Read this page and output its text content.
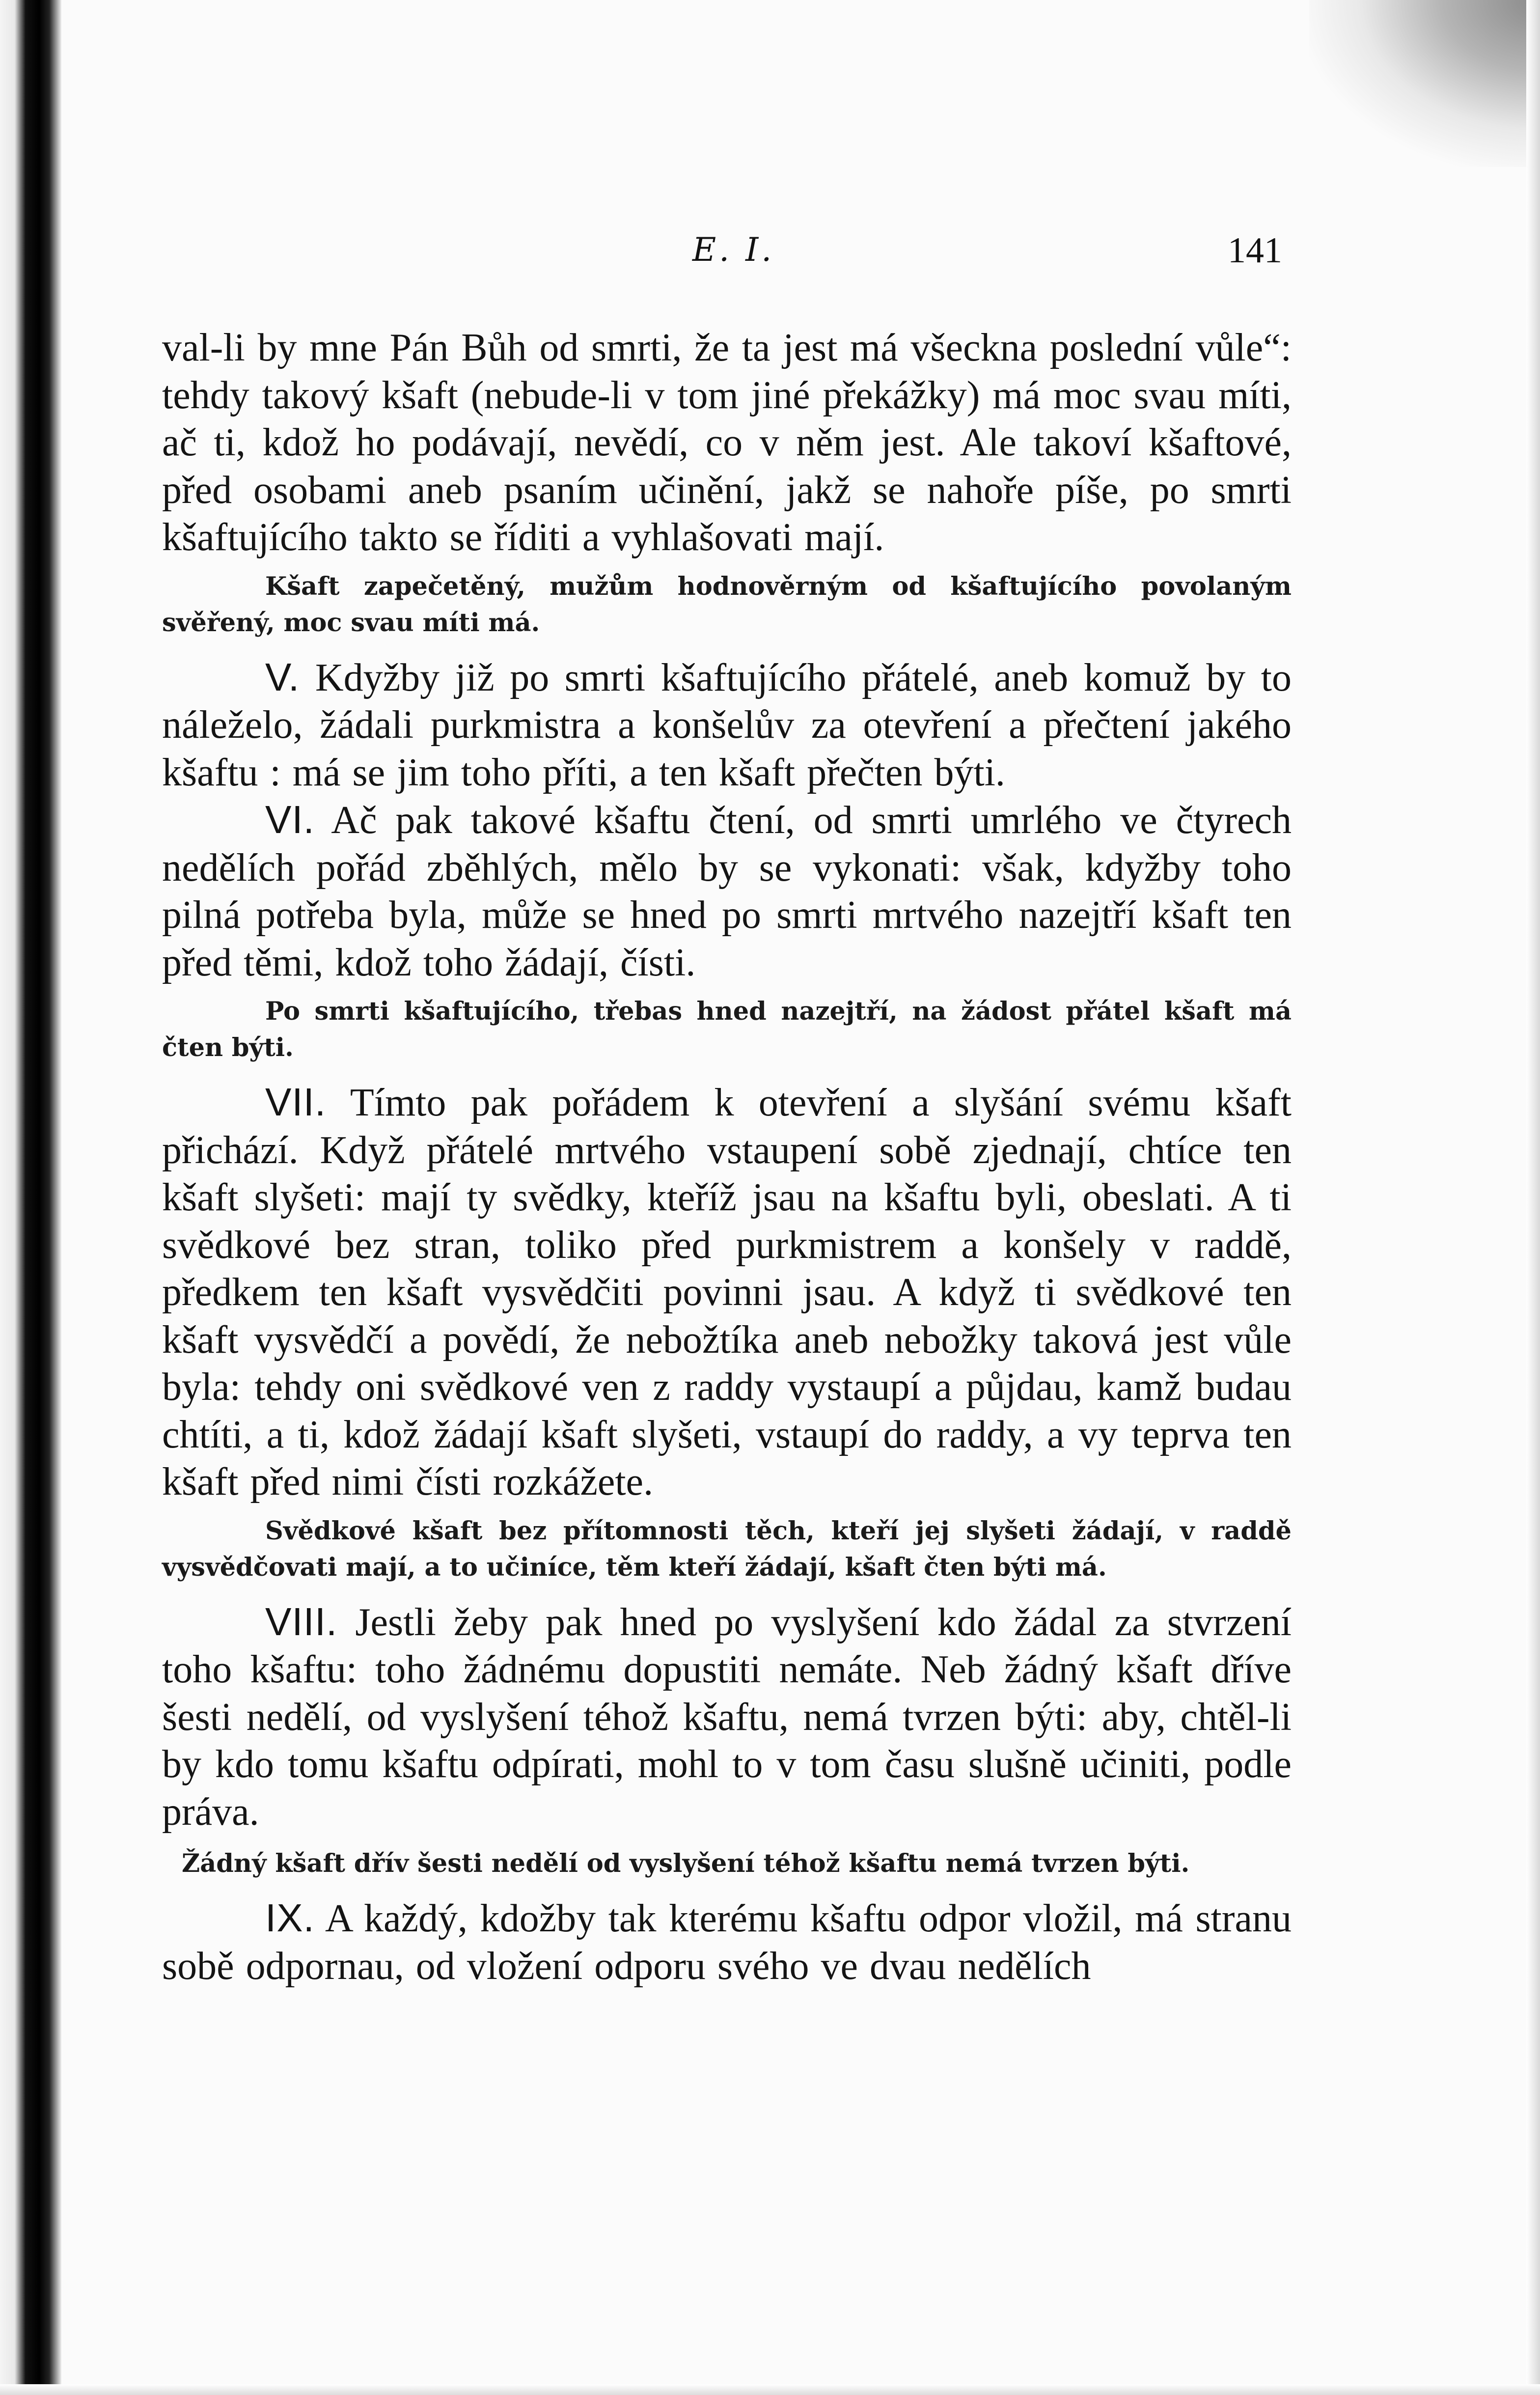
E. I.	141

val-li by mne Pán Bůh od smrti, že ta jest má všeckna poslední vůle“: tehdy takový kšaft (nebude-li v tom jiné překážky) má moc svau míti, ač ti, kdož ho podávají, nevědí, co v něm jest. Ale takoví kšaftové, před osobami aneb psaním učinění, jakž se nahoře píše, po smrti kšaftujícího takto se říditi a vyhlašovati mají.

Kšaft zapečetěný, mužům hodnověrným od kšaftujícího povolaným svěřený, moc svau míti má.

V. Kdyžby již po smrti kšaftujícího přátelé, aneb komuž by to náleželo, žádali purkmistra a konšelův za otevření a přečtení jakého kšaftu : má se jim toho příti, a ten kšaft přečten býti.

VI. Ač pak takové kšaftu čtení, od smrti umrlého ve čtyrech nedělích pořád zběhlých, mělo by se vykonati: však, kdyžby toho pilná potřeba byla, může se hned po smrti mrtvého nazejtří kšaft ten před těmi, kdož toho žádají, čísti.

Po smrti kšaftujícího, třebas hned nazejtří, na žádost přátel kšaft má čten býti.

VII. Tímto pak pořádem k otevření a slyšání svému kšaft přichází. Když přátelé mrtvého vstaupení sobě zjednají, chtíce ten kšaft slyšeti: mají ty svědky, kteříž jsau na kšaftu byli, obeslati. A ti svědkové bez stran, toliko před purkmistrem a konšely v raddě, předkem ten kšaft vysvědčiti povinni jsau. A když ti svědkové ten kšaft vysvědčí a povědí, že nebožtíka aneb nebožky taková jest vůle byla: tehdy oni svědkové ven z raddy vystaupí a půjdau, kamž budau chtíti, a ti, kdož žádají kšaft slyšeti, vstaupí do raddy, a vy teprva ten kšaft před nimi čísti rozkážete.

Svědkové kšaft bez přítomnosti těch, kteří jej slyšeti žádají, v raddě vysvědčovati mají, a to učiníce, těm kteří žádají, kšaft čten býti má.

VIII. Jestli žeby pak hned po vyslyšení kdo žádal za stvrzení toho kšaftu: toho žádnému dopustiti nemáte. Neb žádný kšaft dříve šesti nedělí, od vyslyšení téhož kšaftu, nemá tvrzen býti: aby, chtěl-li by kdo tomu kšaftu odpírati, mohl to v tom času slušně učiniti, podle práva.

Žádný kšaft dřív šesti nedělí od vyslyšení téhož kšaftu nemá tvrzen býti.

IX. A každý, kdožby tak kterému kšaftu odpor vložil, má stranu sobě odpornau, od vložení odporu svého ve dvau nedělích
